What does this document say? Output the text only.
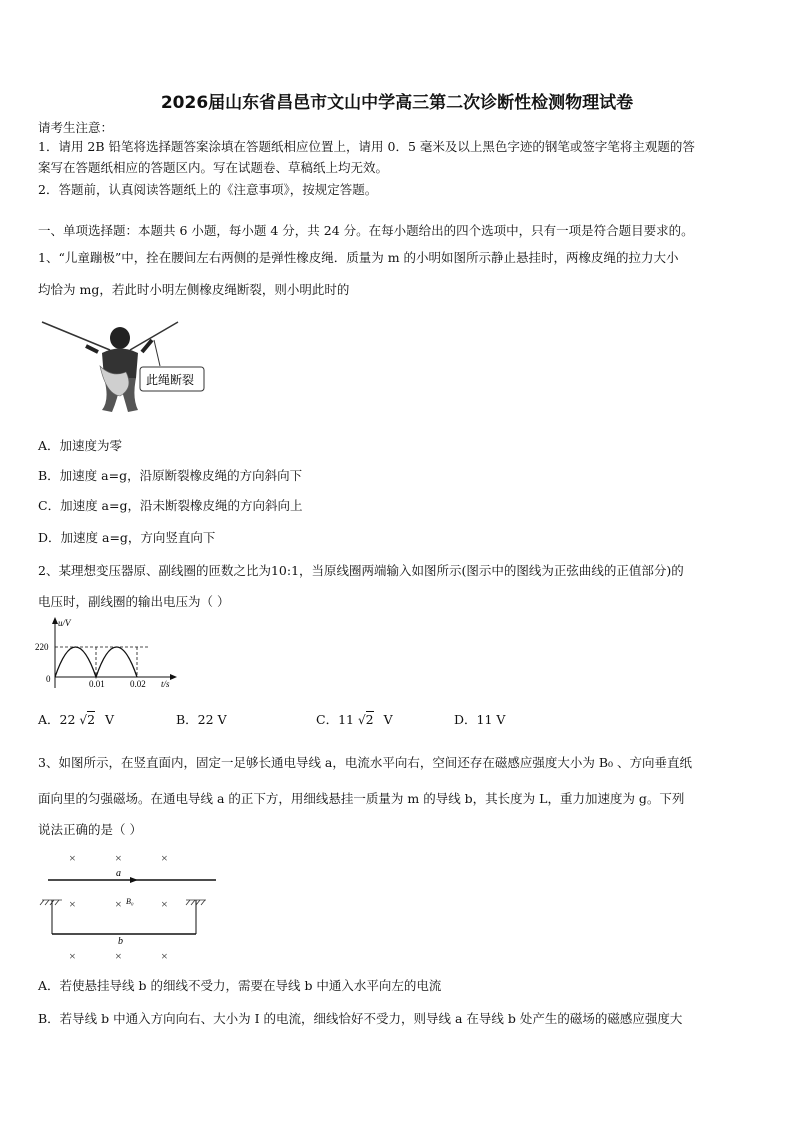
2026届山东省昌邑市文山中学高三第二次诊断性检测物理试卷
请考生注意：
1．请用 2B 铅笔将选择题答案涂填在答题纸相应位置上，请用 0．5 毫米及以上黑色字迹的钢笔或签字笔将主观题的答
案写在答题纸相应的答题区内。写在试题卷、草稿纸上均无效。
2．答题前，认真阅读答题纸上的《注意事项》，按规定答题。
一、单项选择题：本题共 6 小题，每小题 4 分，共 24 分。在每小题给出的四个选项中，只有一项是符合题目要求的。
1、“儿童蹦极”中，拴在腰间左右两侧的是弹性橡皮绳．质量为 m 的小明如图所示静止悬挂时，两橡皮绳的拉力大小
均恰为 mg，若此时小明左侧橡皮绳断裂，则小明此时的
此绳断裂
A．加速度为零
B．加速度 a=g，沿原断裂橡皮绳的方向斜向下
C．加速度 a=g，沿未断裂橡皮绳的方向斜向上
D．加速度 a=g，方向竖直向下
2、某理想变压器原、副线圈的匝数之比为10:1，当原线圈两端输入如图所示(图示中的图线为正弦曲线的正值部分)的
电压时，副线圈的输出电压为（ ）
u/V
220
0	0.01	0.02 t/s
A．22 √2 V	B．22 V	C．11 √2 V	D．11 V
3、如图所示，在竖直面内，固定一足够长通电导线 a，电流水平向右，空间还存在磁感应强度大小为 B₀ 、方向垂直纸
面向里的匀强磁场。在通电导线 a 的正下方，用细线悬挂一质量为 m 的导线 b，其长度为 L，重力加速度为 g。下列
说法正确的是（ ）
×	×	×
×	×	×
×	×	×
a
B₀
b
A．若使悬挂导线 b 的细线不受力，需要在导线 b 中通入水平向左的电流
B．若导线 b 中通入方向向右、大小为 I 的电流，细线恰好不受力，则导线 a 在导线 b 处产生的磁场的磁感应强度大
